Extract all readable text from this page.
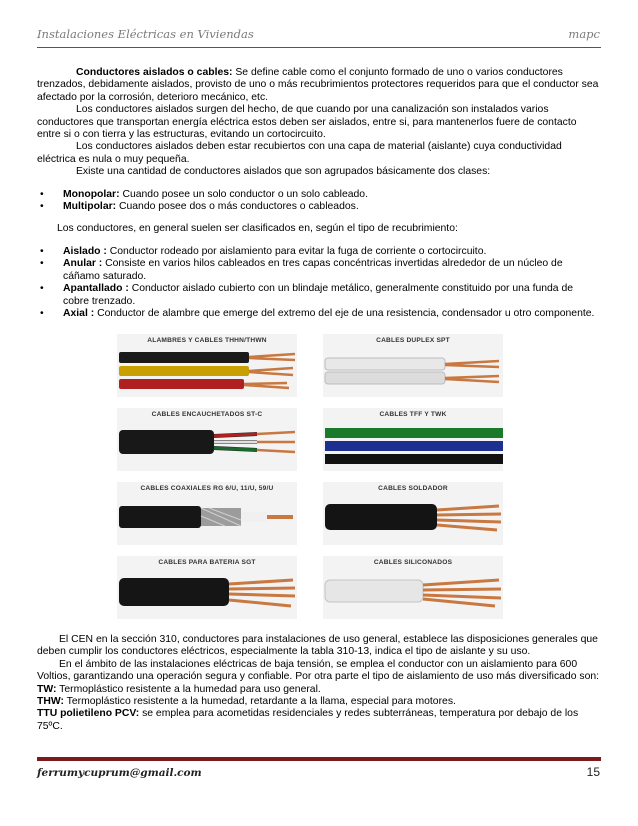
Instalaciones Eléctricas en Viviendas	mapc

Conductores aislados o cables: Se define cable como el conjunto formado de uno o varios conductores trenzados, debidamente aislados, provisto de uno o más recubrimientos protectores requeridos para que el conductor sea afectado por la corrosión, deterioro mecánico, etc.

Los conductores aislados surgen del hecho, de que cuando por una canalización son instalados varios conductores que transportan energía eléctrica estos deben ser aislados, entre si, para mantenerlos fuere de contacto entre si o con tierra y las estructuras, evitando un cortocircuito.

Los conductores aislados deben estar recubiertos con una capa de material (aislante) cuya conductividad eléctrica es nula o muy pequeña.

Existe una cantidad de conductores aislados que son agrupados básicamente dos clases:

• Monopolar: Cuando posee un solo conductor o un solo cableado.
• Multipolar: Cuando posee dos o más conductores o cableados.

Los conductores, en general suelen ser clasificados en, según el tipo de recubrimiento:

• Aislado : Conductor rodeado por aislamiento para evitar la fuga de corriente o cortocircuito.
• Anular : Consiste en varios hilos cableados en tres capas concéntricas invertidas alrededor de un núcleo de cáñamo saturado.
• Apantallado : Conductor aislado cubierto con un blindaje metálico, generalmente constituido por una funda de cobre trenzado.
• Axial : Conductor de alambre que emerge del extremo del eje de una resistencia, condensador u otro componente.
ALAMBRES Y CABLES THHN/THWN	CABLES DUPLEX SPT
CABLES ENCAUCHETADOS ST-C	CABLES TFF Y TWK
CABLES COAXIALES RG 6/U, 11/U, 59/U	CABLES SOLDADOR
CABLES PARA BATERIA SGT	CABLES SILICONADOS

El CEN en la sección 310, conductores para instalaciones de uso general, establece las disposiciones generales que deben cumplir los conductores eléctricos, especialmente la tabla 310-13, indica el tipo de aislante y su uso.

En el ámbito de las instalaciones eléctricas de baja tensión, se emplea el conductor con un aislamiento para 600 Voltios, garantizando una operación segura y confiable. Por otra parte el tipo de aislamiento de uso más diversificado son:

TW: Termoplástico resistente a la humedad para uso general.

THW: Termoplástico resistente a la humedad, retardante a la llama, especial para motores.

TTU polietileno PCV: se emplea para acometidas residenciales y redes subterráneas, temperatura por debajo de los 75ºC.

ferrumycuprum@gmail.com	15
